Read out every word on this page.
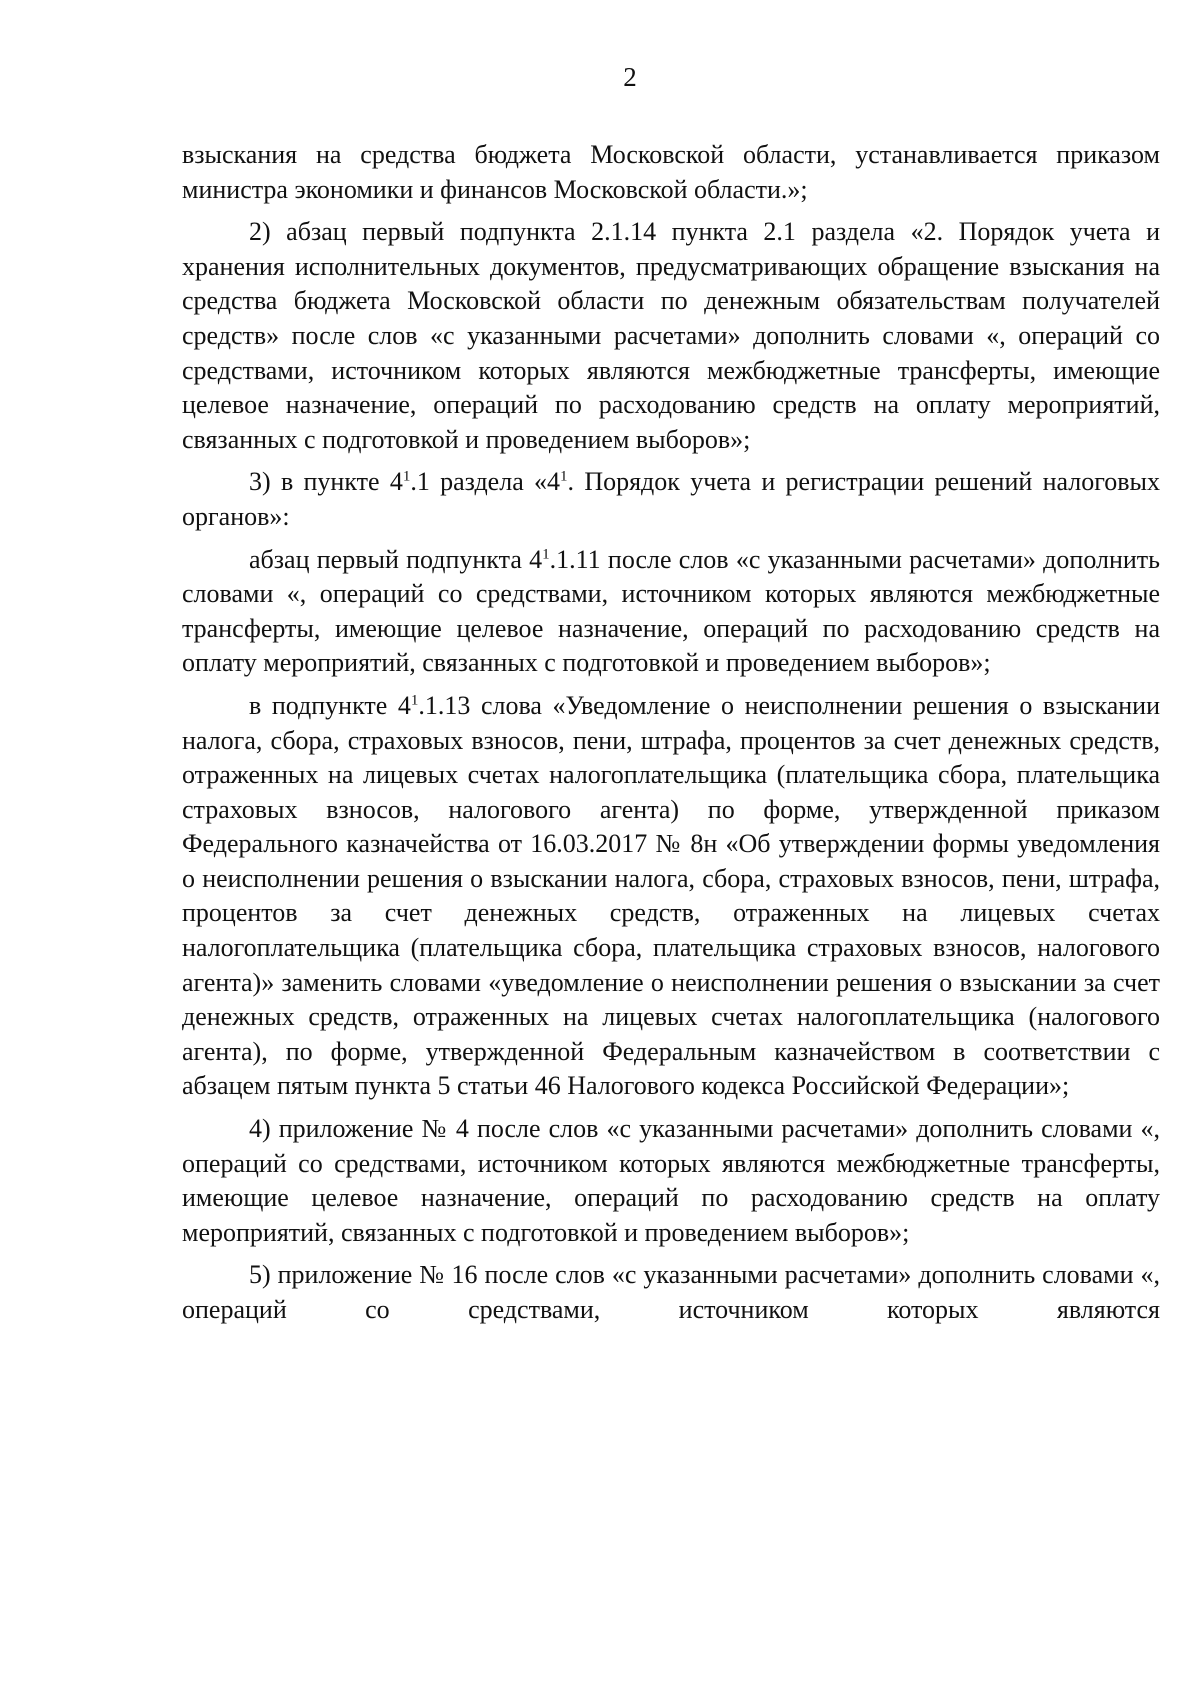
2

взыскания на средства бюджета Московской области, устанавливается приказом министра экономики и финансов Московской области.»;

2) абзац первый подпункта 2.1.14 пункта 2.1 раздела «2. Порядок учета и хранения исполнительных документов, предусматривающих обращение взыскания на средства бюджета Московской области по денежным обязательствам получателей средств» после слов «с указанными расчетами» дополнить словами «, операций со средствами, источником которых являются межбюджетные трансферты, имеющие целевое назначение, операций по расходованию средств на оплату мероприятий, связанных с подготовкой и проведением выборов»;

3) в пункте $4^1.1$ раздела «$4^1$. Порядок учета и регистрации решений налоговых органов»:

абзац первый подпункта $4^1.1.11$ после слов «с указанными расчетами» дополнить словами «, операций со средствами, источником которых являются межбюджетные трансферты, имеющие целевое назначение, операций по расходованию средств на оплату мероприятий, связанных с подготовкой и проведением выборов»;

в подпункте $4^1.1.13$ слова «Уведомление о неисполнении решения о взыскании налога, сбора, страховых взносов, пени, штрафа, процентов за счет денежных средств, отраженных на лицевых счетах налогоплательщика (плательщика сбора, плательщика страховых взносов, налогового агента) по форме, утвержденной приказом Федерального казначейства от 16.03.2017 № 8н «Об утверждении формы уведомления о неисполнении решения о взыскании налога, сбора, страховых взносов, пени, штрафа, процентов за счет денежных средств, отраженных на лицевых счетах налогоплательщика (плательщика сбора, плательщика страховых взносов, налогового агента)» заменить словами «уведомление о неисполнении решения о взыскании за счет денежных средств, отраженных на лицевых счетах налогоплательщика (налогового агента), по форме, утвержденной Федеральным казначейством в соответствии с абзацем пятым пункта 5 статьи 46 Налогового кодекса Российской Федерации»;

4) приложение № 4 после слов «с указанными расчетами» дополнить словами «, операций со средствами, источником которых являются межбюджетные трансферты, имеющие целевое назначение, операций по расходованию средств на оплату мероприятий, связанных с подготовкой и проведением выборов»;

5) приложение № 16 после слов «с указанными расчетами» дополнить словами «, операций со средствами, источником которых являются
